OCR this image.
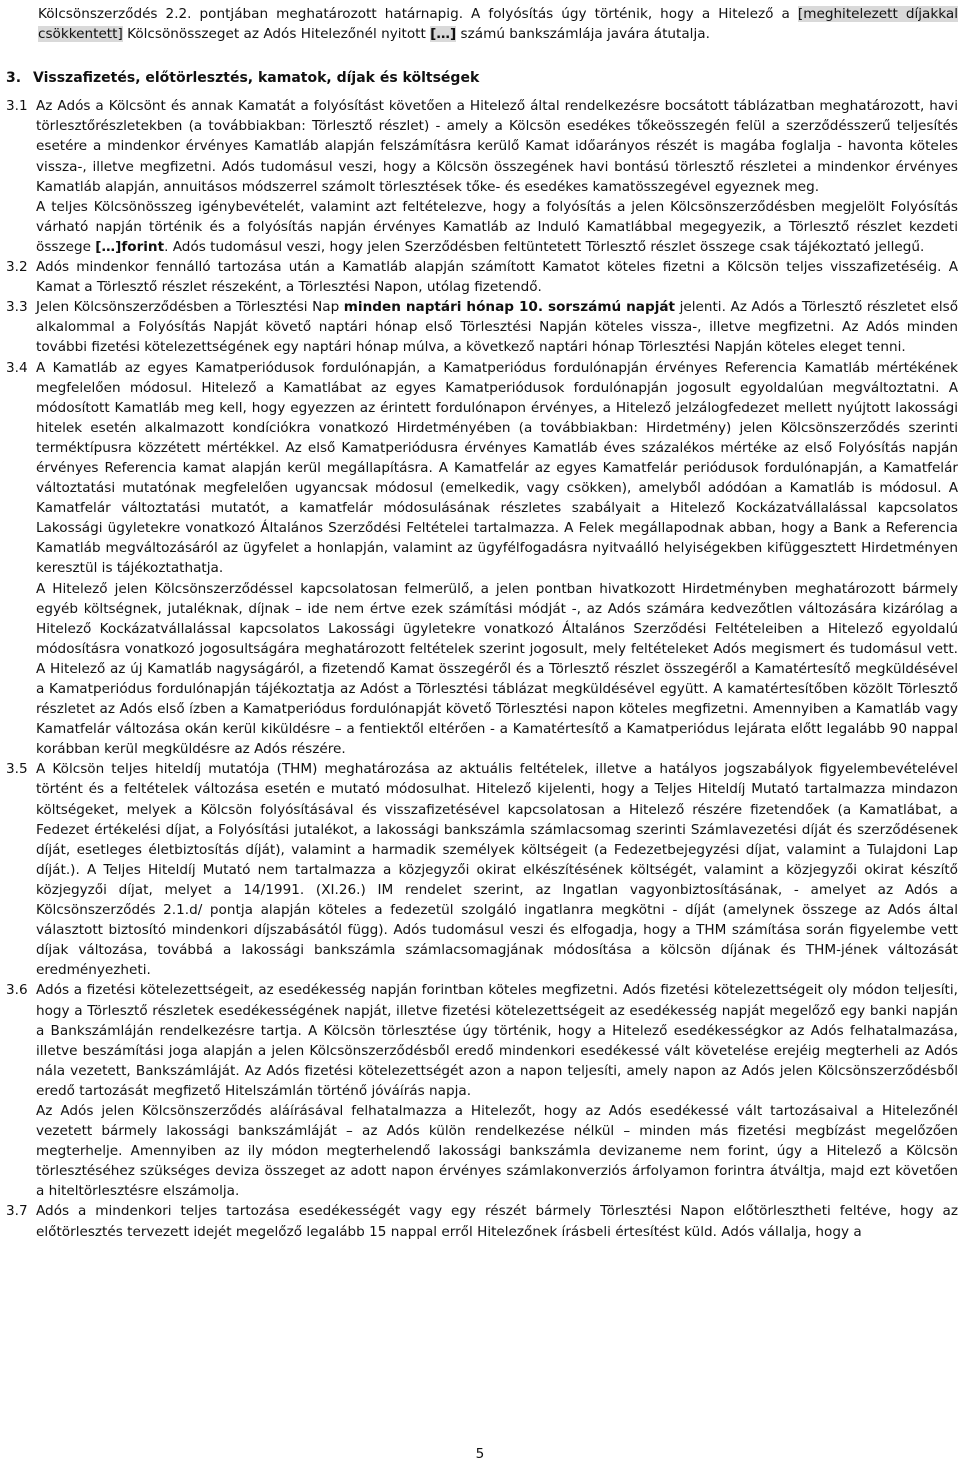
Kölcsönszerződés 2.2. pontjában meghatározott határnapig. A folyósítás úgy történik, hogy a Hitelező a [meghitelezett díjakkal csökkentett] Kölcsönösszeget az Adós Hitelezőnél nyitott […] számú bankszámlája javára átutalja.

3. Visszafizetés, előtörlesztés, kamatok, díjak és költségek
3.1 Az Adós a Kölcsönt és annak Kamatát a folyósítást követően a Hitelező által rendelkezésre bocsátott táblázatban meghatározott, havi törlesztőrészletekben (a továbbiakban: Törlesztő részlet) - amely a Kölcsön esedékes tőkeösszegén felül a szerződésszerű teljesítés esetére a mindenkor érvényes Kamatláb alapján felszámításra kerülő Kamat időarányos részét is magába foglalja - havonta köteles vissza-, illetve megfizetni. Adós tudomásul veszi, hogy a Kölcsön összegének havi bontású törlesztő részletei a mindenkor érvényes Kamatláb alapján, annuitásos módszerrel számolt törlesztések tőke- és esedékes kamatösszegével egyeznek meg.

A teljes Kölcsönösszeg igénybevételét, valamint azt feltételezve, hogy a folyósítás a jelen Kölcsönszerződésben megjelölt Folyósítás várható napján történik és a folyósítás napján érvényes Kamatláb az Induló Kamatlábbal megegyezik, a Törlesztő részlet kezdeti összege […]forint. Adós tudomásul veszi, hogy jelen Szerződésben feltüntetett Törlesztő részlet összege csak tájékoztató jellegű.

3.2 Adós mindenkor fennálló tartozása után a Kamatláb alapján számított Kamatot köteles fizetni a Kölcsön teljes visszafizetéséig. A Kamat a Törlesztő részlet részeként, a Törlesztési Napon, utólag fizetendő.

3.3 Jelen Kölcsönszerződésben a Törlesztési Nap minden naptári hónap 10. sorszámú napját jelenti. Az Adós a Törlesztő részletet első alkalommal a Folyósítás Napját követő naptári hónap első Törlesztési Napján köteles vissza-, illetve megfizetni. Az Adós minden további fizetési kötelezettségének egy naptári hónap múlva, a következő naptári hónap Törlesztési Napján köteles eleget tenni.

3.4 A Kamatláb az egyes Kamatperiódusok fordulónapján, a Kamatperiódus fordulónapján érvényes Referencia Kamatláb mértékének megfelelően módosul. Hitelező a Kamatlábat az egyes Kamatperiódusok fordulónapján jogosult egyoldalúan megváltoztatni. A módosított Kamatláb meg kell, hogy egyezzen az érintett fordulónapon érvényes, a Hitelező jelzálogfedezet mellett nyújtott lakossági hitelek esetén alkalmazott kondíciókra vonatkozó Hirdetményében (a továbbiakban: Hirdetmény) jelen Kölcsönszerződés szerinti terméktípusra közzétett mértékkel. Az első Kamatperiódusra érvényes Kamatláb éves százalékos mértéke az első Folyósítás napján érvényes Referencia kamat alapján kerül megállapításra. A Kamatfelár az egyes Kamatfelár periódusok fordulónapján, a Kamatfelár változtatási mutatónak megfelelően ugyancsak módosul (emelkedik, vagy csökken), amelyből adódóan a Kamatláb is módosul. A Kamatfelár változtatási mutatót, a kamatfelár módosulásának részletes szabályait a Hitelező Kockázatvállalással kapcsolatos Lakossági ügyletekre vonatkozó Általános Szerződési Feltételei tartalmazza. A Felek megállapodnak abban, hogy a Bank a Referencia Kamatláb megváltozásáról az ügyfelet a honlapján, valamint az ügyfélfogadásra nyitvaálló helyiségekben kifüggesztett Hirdetményen keresztül is tájékoztathatja.

A Hitelező jelen Kölcsönszerződéssel kapcsolatosan felmerülő, a jelen pontban hivatkozott Hirdetményben meghatározott bármely egyéb költségnek, jutaléknak, díjnak – ide nem értve ezek számítási módját -, az Adós számára kedvezőtlen változására kizárólag a Hitelező Kockázatvállalással kapcsolatos Lakossági ügyletekre vonatkozó Általános Szerződési Feltételeiben a Hitelező egyoldalú módosításra vonatkozó jogosultságára meghatározott feltételek szerint jogosult, mely feltételeket Adós megismert és tudomásul vett. A Hitelező az új Kamatláb nagyságáról, a fizetendő Kamat összegéről és a Törlesztő részlet összegéről a Kamatértesítő megküldésével a Kamatperiódus fordulónapján tájékoztatja az Adóst a Törlesztési táblázat megküldésével együtt. A kamatértesítőben közölt Törlesztő részletet az Adós első ízben a Kamatperiódus fordulónapját követő Törlesztési napon köteles megfizetni. Amennyiben a Kamatláb vagy Kamatfelár változása okán kerül kiküldésre – a fentiektől eltérően - a Kamatértesítő a Kamatperiódus lejárata előtt legalább 90 nappal korábban kerül megküldésre az Adós részére.

3.5 A Kölcsön teljes hiteldíj mutatója (THM) meghatározása az aktuális feltételek, illetve a hatályos jogszabályok figyelembevételével történt és a feltételek változása esetén e mutató módosulhat. Hitelező kijelenti, hogy a Teljes Hiteldíj Mutató tartalmazza mindazon költségeket, melyek a Kölcsön folyósításával és visszafizetésével kapcsolatosan a Hitelező részére fizetendőek (a Kamatlábat, a Fedezet értékelési díjat, a Folyósítási jutalékot, a lakossági bankszámla számlacsomag szerinti Számlavezetési díját és szerződésenek díját, esetleges életbiztosítás díját), valamint a harmadik személyek költségeit (a Fedezetbejegyzési díjat, valamint a Tulajdoni Lap díját.). A Teljes Hiteldíj Mutató nem tartalmazza a közjegyzői okirat elkészítésének költségét, valamint a közjegyzői okirat készítő közjegyzői díjat, melyet a 14/1991. (XI.26.) IM rendelet szerint, az Ingatlan vagyonbiztosításának, - amelyet az Adós a Kölcsönszerződés 2.1.d/ pontja alapján köteles a fedezetül szolgáló ingatlanra megkötni - díját (amelynek összege az Adós által választott biztosító mindenkori díjszabásától függ). Adós tudomásul veszi és elfogadja, hogy a THM számítása során figyelembe vett díjak változása, továbbá a lakossági bankszámla számlacsomagjának módosítása a kölcsön díjának és THM-jének változását eredményezheti.

3.6 Adós a fizetési kötelezettségeit, az esedékesség napján forintban köteles megfizetni. Adós fizetési kötelezettségeit oly módon teljesíti, hogy a Törlesztő részletek esedékességének napját, illetve fizetési kötelezettségeit az esedékesség napját megelőző egy banki napján a Bankszámláján rendelkezésre tartja. A Kölcsön törlesztése úgy történik, hogy a Hitelező esedékességkor az Adós felhatalmazása, illetve beszámítási joga alapján a jelen Kölcsönszerződésből eredő mindenkori esedékessé vált követelése erejéig megterheli az Adós nála vezetett, Bankszámláját. Az Adós fizetési kötelezettségét azon a napon teljesíti, amely napon az Adós jelen Kölcsönszerződésből eredő tartozását megfizető Hitelszámlán történő jóváírás napja.

Az Adós jelen Kölcsönszerződés aláírásával felhatalmazza a Hitelezőt, hogy az Adós esedékessé vált tartozásaival a Hitelezőnél vezetett bármely lakossági bankszámláját – az Adós külön rendelkezése nélkül – minden más fizetési megbízást megelőzően megterhelje. Amennyiben az ily módon megterhelendő lakossági bankszámla devizaneme nem forint, úgy a Hitelező a Kölcsön törlesztéséhez szükséges deviza összeget az adott napon érvényes számlakonverziós árfolyamon forintra átváltja, majd ezt követően a hiteltörlesztésre elszámolja.

3.7 Adós a mindenkori teljes tartozása esedékességét vagy egy részét bármely Törlesztési Napon előtörlesztheti feltéve, hogy az előtörlesztés tervezett idejét megelőző legalább 15 nappal erről Hitelezőnek írásbeli értesítést küld. Adós vállalja, hogy a

5
